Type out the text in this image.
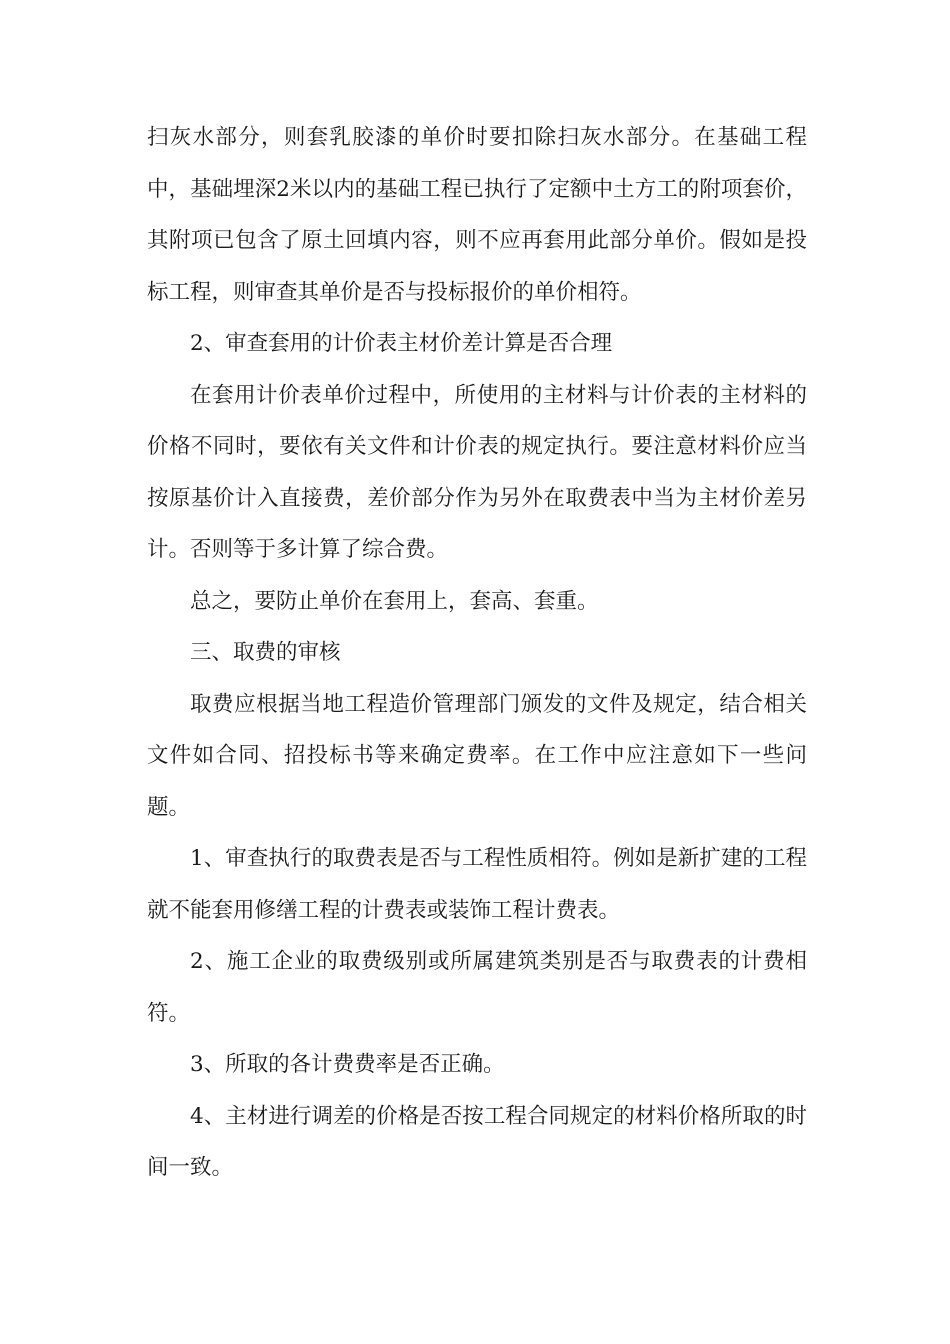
扫灰水部分，则套乳胶漆的单价时要扣除扫灰水部分。在基础工程中，基础埋深2米以内的基础工程已执行了定额中土方工的附项套价，其附项已包含了原土回填内容，则不应再套用此部分单价。假如是投标工程，则审查其单价是否与投标报价的单价相符。

2、审查套用的计价表主材价差计算是否合理

在套用计价表单价过程中，所使用的主材料与计价表的主材料的价格不同时，要依有关文件和计价表的规定执行。要注意材料价应当按原基价计入直接费，差价部分作为另外在取费表中当为主材价差另计。否则等于多计算了综合费。

总之，要防止单价在套用上，套高、套重。

三、取费的审核

取费应根据当地工程造价管理部门颁发的文件及规定，结合相关文件如合同、招投标书等来确定费率。在工作中应注意如下一些问题。

1、审查执行的取费表是否与工程性质相符。例如是新扩建的工程就不能套用修缮工程的计费表或装饰工程计费表。

2、施工企业的取费级别或所属建筑类别是否与取费表的计费相符。

3、所取的各计费费率是否正确。

4、主材进行调差的价格是否按工程合同规定的材料价格所取的时间一致。
